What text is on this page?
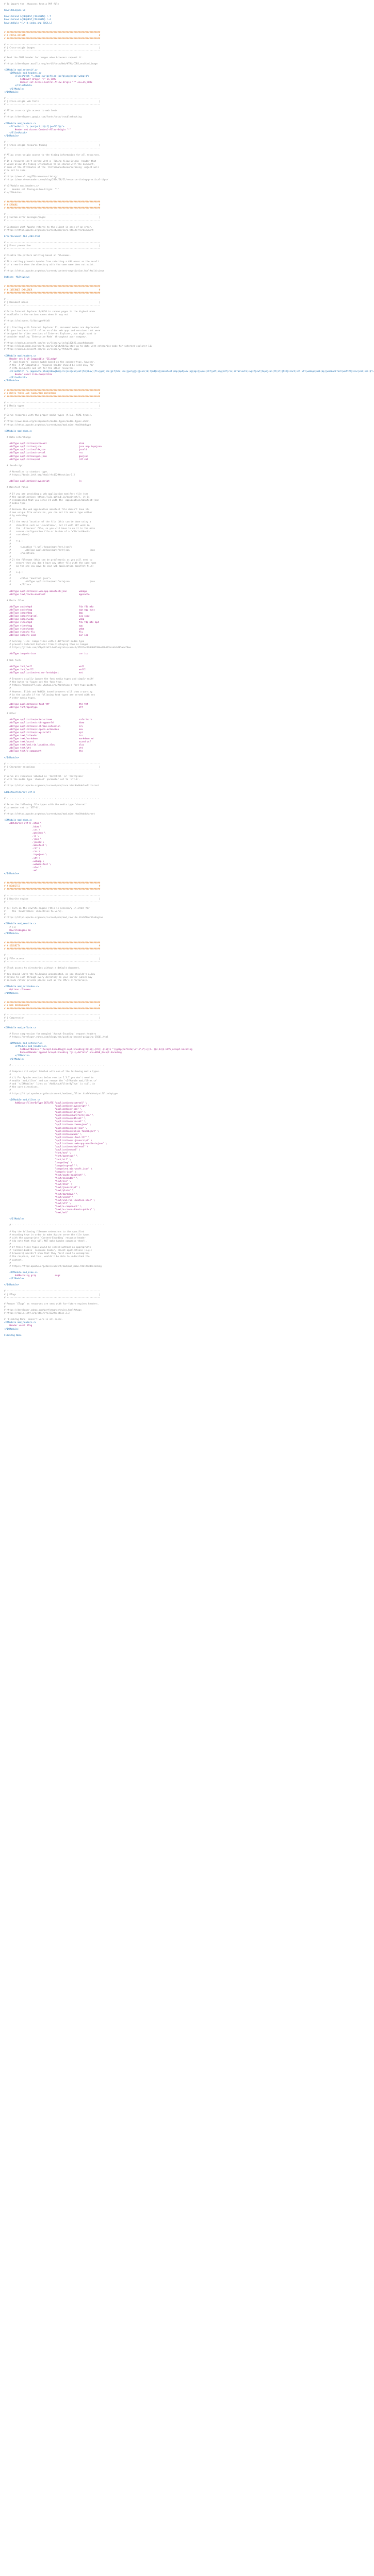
# To import the .htaccess from a PHP file

RewriteEngine On

RewriteCond %{REQUEST_FILENAME} !-f
RewriteCond %{REQUEST_FILENAME} !-d
RewriteRule ^(.*)$ index.php [QSA,L]

# ######################################################################
# # CROSS-ORIGIN                                                       #
# ######################################################################

# ----------------------------------------------------------------------
# | Cross-origin images                                                |
# ----------------------------------------------------------------------

# Send the CORS header for images when browsers request it.
#
# https://developer.mozilla.org/en-US/docs/Web/HTML/CORS_enabled_image

<IfModule mod_setenvif.c>
<IfModule mod_headers.c>
<FilesMatch "\.(bmp|cur|gif|ico|jpe?g|png|svgz?|webp)$">
SetEnvIf Origin ":" IS_CORS
Header set Access-Control-Allow-Origin "*" env=IS_CORS
</FilesMatch>
</IfModule>
</IfModule>

# ----------------------------------------------------------------------
# | Cross-origin web fonts                                             |
# ----------------------------------------------------------------------

# Allow cross-origin access to web fonts.
#
# https://developers.google.com/fonts/docs/troubleshooting

<IfModule mod_headers.c>
<FilesMatch "\.(eot|otf|tt[cf]|woff2?)$">
Header set Access-Control-Allow-Origin "*"
</FilesMatch>
</IfModule>

# ----------------------------------------------------------------------
# | Cross-origin resource timing                                       |
# ----------------------------------------------------------------------

# Allow cross-origin access to the timing information for all resources.
#
# If a resource isn't served with a `Timing-Allow-Origin` header that
# would allow its timing information to be shared with the document,
# some of the attributes of the `PerformanceResourceTiming` object will
# be set to zero.
#
# https://www.w3.org/TR/resource-timing/
# https://www.stevesouders.com/blog/2014/08/21/resource-timing-practical-tips/

# <IfModule mod_headers.c>
#     Header set Timing-Allow-Origin: "*"
# </IfModule>

# ######################################################################
# # ERRORS                                                             #
# ######################################################################

# ----------------------------------------------------------------------
# | Custom error messages/pages                                        |
# ----------------------------------------------------------------------

# Customize what Apache returns to the client in case of an error.
# https://httpd.apache.org/docs/current/mod/core.html#errordocument

ErrorDocument 404 /404.html

# ----------------------------------------------------------------------
# | Error prevention                                                   |
# ----------------------------------------------------------------------

# Disable the pattern matching based on filenames.
#
# This setting prevents Apache from returning a 404 error as the result
# of a rewrite when the directory with the same name does not exist.
#
# https://httpd.apache.org/docs/current/content-negotiation.html#multiviews

Options -MultiViews

# ######################################################################
# # INTERNET EXPLORER                                                  #
# ######################################################################

# ----------------------------------------------------------------------
# | Document modes                                                     |
# ----------------------------------------------------------------------

# Force Internet Explorer 8/9/10 to render pages in the highest mode
# available in the various cases when it may not.
#
# https://hsivonen.fi/doctype/#ie8
#
# (!) Starting with Internet Explorer 11, document modes are deprecated.
# If your business still relies on older web apps and services that were
# designed for older versions of Internet Explorer, you might want to
# consider enabling `Enterprise Mode` throughout your company.
#
# https://msdn.microsoft.com/en-us/library/ie/bg182625.aspx#docmode
# https://blogs.msdn.microsoft.com/ie/2014/04/02/stay-up-to-date-with-enterprise-mode-for-internet-explorer-11/
# https://msdn.microsoft.com/en-us/library/ff955275.aspx

<IfModule mod_headers.c>
Header set X-UA-Compatible "IE=edge"
# `mod_headers` cannot match based on the content-type, however,
# the `X-UA-Compatible` response header should be send only for
# HTML documents and not for the other resources.
<FilesMatch "\.(appcache|atom|bbaw|bmp|crx|css|cur|eot|f4[abpv]|flv|geojson|gif|htc|ico|jpe?g|js|json(ld)?|m4[av]|manifest|map|mp4|oex|og[agv]|opus|otf|pdf|png|rdf|rss|safariextz|svgz?|swf|topojson|tt[cf]|txt|vcard|vcf|vtt|webapp|web[mp]|webmanifest|woff2?|xloc|xml|xpi)$">
Header unset X-UA-Compatible
</FilesMatch>
</IfModule>

# ######################################################################
# # MEDIA TYPES AND CHARACTER ENCODINGS                                #
# ######################################################################

# ----------------------------------------------------------------------
# | Media types                                                        |
# ----------------------------------------------------------------------

# Serve resources with the proper media types (f.k.a. MIME types).
#
# https://www.iana.org/assignments/media-types/media-types.xhtml
# https://httpd.apache.org/docs/current/mod/mod_mime.html#addtype

<IfModule mod_mime.c>

# Data interchange

AddType application/atom+xml                        atom
AddType application/json                            json map topojson
AddType application/ld+json                         jsonld
AddType application/rss+xml                         rss
AddType application/geo+json                        geojson
AddType application/xml                             rdf xml

# JavaScript

# Normalize to standard type.
# https://tools.ietf.org/html/rfc4329#section-7.2

AddType application/javascript                      js

# Manifest files

# If you are providing a web application manifest file (see
# the specification: https://w3c.github.io/manifest/), it is
# recommended that you serve it with the `application/manifest+json`
# media type.
#
# Because the web application manifest file doesn't have its
# own unique file extension, you can set its media type either
# by matching:
#
# 1) the exact location of the file (this can be done using a
#    directive such as `<Location>`, but it will NOT work in
#    the `.htaccess` file, so you will have to do it in the main
#    server configuration file or inside of a `<VirtualHost>`
#    container)
#
#    e.g.:
#
#       <Location "/.well-known/manifest.json">
#           AddType application/manifest+json               json
#       </Location>
#
# 2) the filename (this can be problematic as you will need to
#    ensure that you don't have any other file with the same name
#    as the one you gave to your web application manifest file)
#
#    e.g.:
#
#       <Files "manifest.json">
#           AddType application/manifest+json               json
#       </Files>

AddType application/x-web-app-manifest+json         webapp
AddType text/cache-manifest                         appcache

# Media files

AddType audio/mp4                                   f4a f4b m4a
AddType audio/ogg                                   oga ogg opus
AddType image/bmp                                   bmp
AddType image/svg+xml                               svg svgz
AddType image/webp                                  webp
AddType video/mp4                                   f4v f4p m4v mp4
AddType video/ogg                                   ogv
AddType video/webm                                  webm
AddType video/x-flv                                 flv
AddType image/x-icon                                cur ico

# Serving `.ico` image files with a different media type
# prevents Internet Explorer from displaying them as images:
# https://github.com/h5bp/html5-boilerplate/commit/37b5fec090d00f38de64b591bcddcb205aadf8ee

AddType image/x-icon                                cur ico

# Web fonts

AddType font/woff                                   woff
AddType font/woff2                                  woff2
AddType application/vnd.ms-fontobject               eot

# Browsers usually ignore the font media types and simply sniff
# the bytes to figure out the font type.
# https://mimesniff.spec.whatwg.org/#matching-a-font-type-pattern
#
# However, Blink and WebKit based browsers will show a warning
# in the console if the following font types are served with any
# other media types.

AddType application/x-font-ttf                      ttc ttf
AddType font/opentype                               otf

# Other

AddType application/octet-stream                    safariextz
AddType application/x-bb-appworld                   bbaw
AddType application/x-chrome-extension              crx
AddType application/x-opera-extension               oex
AddType application/x-xpinstall                     xpi
AddType text/calendar                               ics
AddType text/markdown                               markdown md
AddType text/vcard                                  vcard vcf
AddType text/vnd.rim.location.xloc                  xloc
AddType text/vtt                                    vtt
AddType text/x-component                            htc

</IfModule>

# ----------------------------------------------------------------------
# | Character encodings                                                |
# ----------------------------------------------------------------------

# Serve all resources labeled as `text/html` or `text/plain`
# with the media type `charset` parameter set to `UTF-8`.
#
# https://httpd.apache.org/docs/current/mod/core.html#adddefaultcharset

AddDefaultCharset utf-8

# - - - - - - - - - - - - - - - - - - - - - - - - - - - - - - - - - - -

# Serve the following file types with the media type `charset`
# parameter set to `UTF-8`.
#
# https://httpd.apache.org/docs/current/mod/mod_mime.html#addcharset

<IfModule mod_mime.c>
AddCharset utf-8 .atom \
.bbaw \
.css \
.geojson \
.js \
.json \
.jsonld \
.manifest \
.rdf \
.rss \
.topojson \
.vtt \
.webapp \
.webmanifest \
.xloc \
.xml
</IfModule>

# ######################################################################
# # REWRITES                                                           #
# ######################################################################

# ----------------------------------------------------------------------
# | Rewrite engine                                                     |
# ----------------------------------------------------------------------

# (1) Turn on the rewrite engine (this is necessary in order for
#     the `RewriteRule` directives to work).
#
# https://httpd.apache.org/docs/current/mod/mod_rewrite.html#RewriteEngine

<IfModule mod_rewrite.c>
# (1)
RewriteEngine On
</IfModule>

# ######################################################################
# # SECURITY                                                           #
# ######################################################################

# ----------------------------------------------------------------------
# | File access                                                        |
# ----------------------------------------------------------------------

# Block access to directories without a default document.
#
# You should leave the following uncommented, as you shouldn't allow
# anyone to surf through every directory on your server (which may
# include rather private places such as the CMS's directories).

<IfModule mod_autoindex.c>
Options -Indexes
</IfModule>

# ######################################################################
# # WEB PERFORMANCE                                                    #
# ######################################################################

# ----------------------------------------------------------------------
# | Compression                                                        |
# ----------------------------------------------------------------------

<IfModule mod_deflate.c>

# Force compression for mangled `Accept-Encoding` request headers
# https://developer.yahoo.com/blogs/ydn/pushing-beyond-gzipping-25601.html

<IfModule mod_setenvif.c>
<IfModule mod_headers.c>
SetEnvIfNoCase ^(Accept-EncodXng|X-cept-Encoding|X{15}|~{15}|-{15})$ ^((gzip|deflate)\s*,?\s*)+|[X~-]{4,13}$ HAVE_Accept-Encoding
RequestHeader append Accept-Encoding "gzip,deflate" env=HAVE_Accept-Encoding
</IfModule>
</IfModule>

# - - - - - - - - - - - - - - - - - - - - - - - - - - - - - - - - - - -

# Compress all output labeled with one of the following media types.
#
# (!) For Apache versions below version 2.3.7 you don't need to
# enable `mod_filter` and can remove the `<IfModule mod_filter.c>`
# and `</IfModule>` lines as `AddOutputFilterByType` is still in
# the core directives.
#
# https://httpd.apache.org/docs/current/mod/mod_filter.html#addoutputfilterbytype

<IfModule mod_filter.c>
AddOutputFilterByType DEFLATE "application/atom+xml" \
"application/javascript" \
"application/json" \
"application/ld+json" \
"application/manifest+json" \
"application/rdf+xml" \
"application/rss+xml" \
"application/schema+json" \
"application/geo+json" \
"application/vnd.ms-fontobject" \
"application/wasm" \
"application/x-font-ttf" \
"application/x-javascript" \
"application/x-web-app-manifest+json" \
"application/xhtml+xml" \
"application/xml" \
"font/eot" \
"font/opentype" \
"font/otf" \
"image/bmp" \
"image/svg+xml" \
"image/vnd.microsoft.icon" \
"image/x-icon" \
"text/cache-manifest" \
"text/calendar" \
"text/css" \
"text/html" \
"text/javascript" \
"text/plain" \
"text/markdown" \
"text/vcard" \
"text/vnd.rim.location.xloc" \
"text/vtt" \
"text/x-component" \
"text/x-cross-domain-policy" \
"text/xml"

</IfModule>

# - - - - - - - - - - - - - - - - - - - - - - - - - - - - - - - - - - -

# Map the following filename extensions to the specified
# encoding type in order to make Apache serve the file types
# with the appropriate `Content-Encoding` response header
# (do note that this will NOT make Apache compress them!).
#
# If these files types would be served without an appropriate
# `Content-Enable` response header, client applications (e.g.:
# browsers) wouldn't know that they first need to uncompress
# the response, and thus, wouldn't be able to understand the
# content.
#
# https://httpd.apache.org/docs/current/mod/mod_mime.html#addencoding

<IfModule mod_mime.c>
AddEncoding gzip              svgz
</IfModule>

</IfModule>

# ----------------------------------------------------------------------
# | ETags                                                              |
# ----------------------------------------------------------------------

# Remove `ETags` as resources are sent with far-future expires headers.
#
# https://developer.yahoo.com/performance/rules.html#etags
# https://tools.ietf.org/html/rfc7232#section-2.3

# `FileETag None` doesn't work in all cases.
<IfModule mod_headers.c>
Header unset ETag
</IfModule>

FileETag None
